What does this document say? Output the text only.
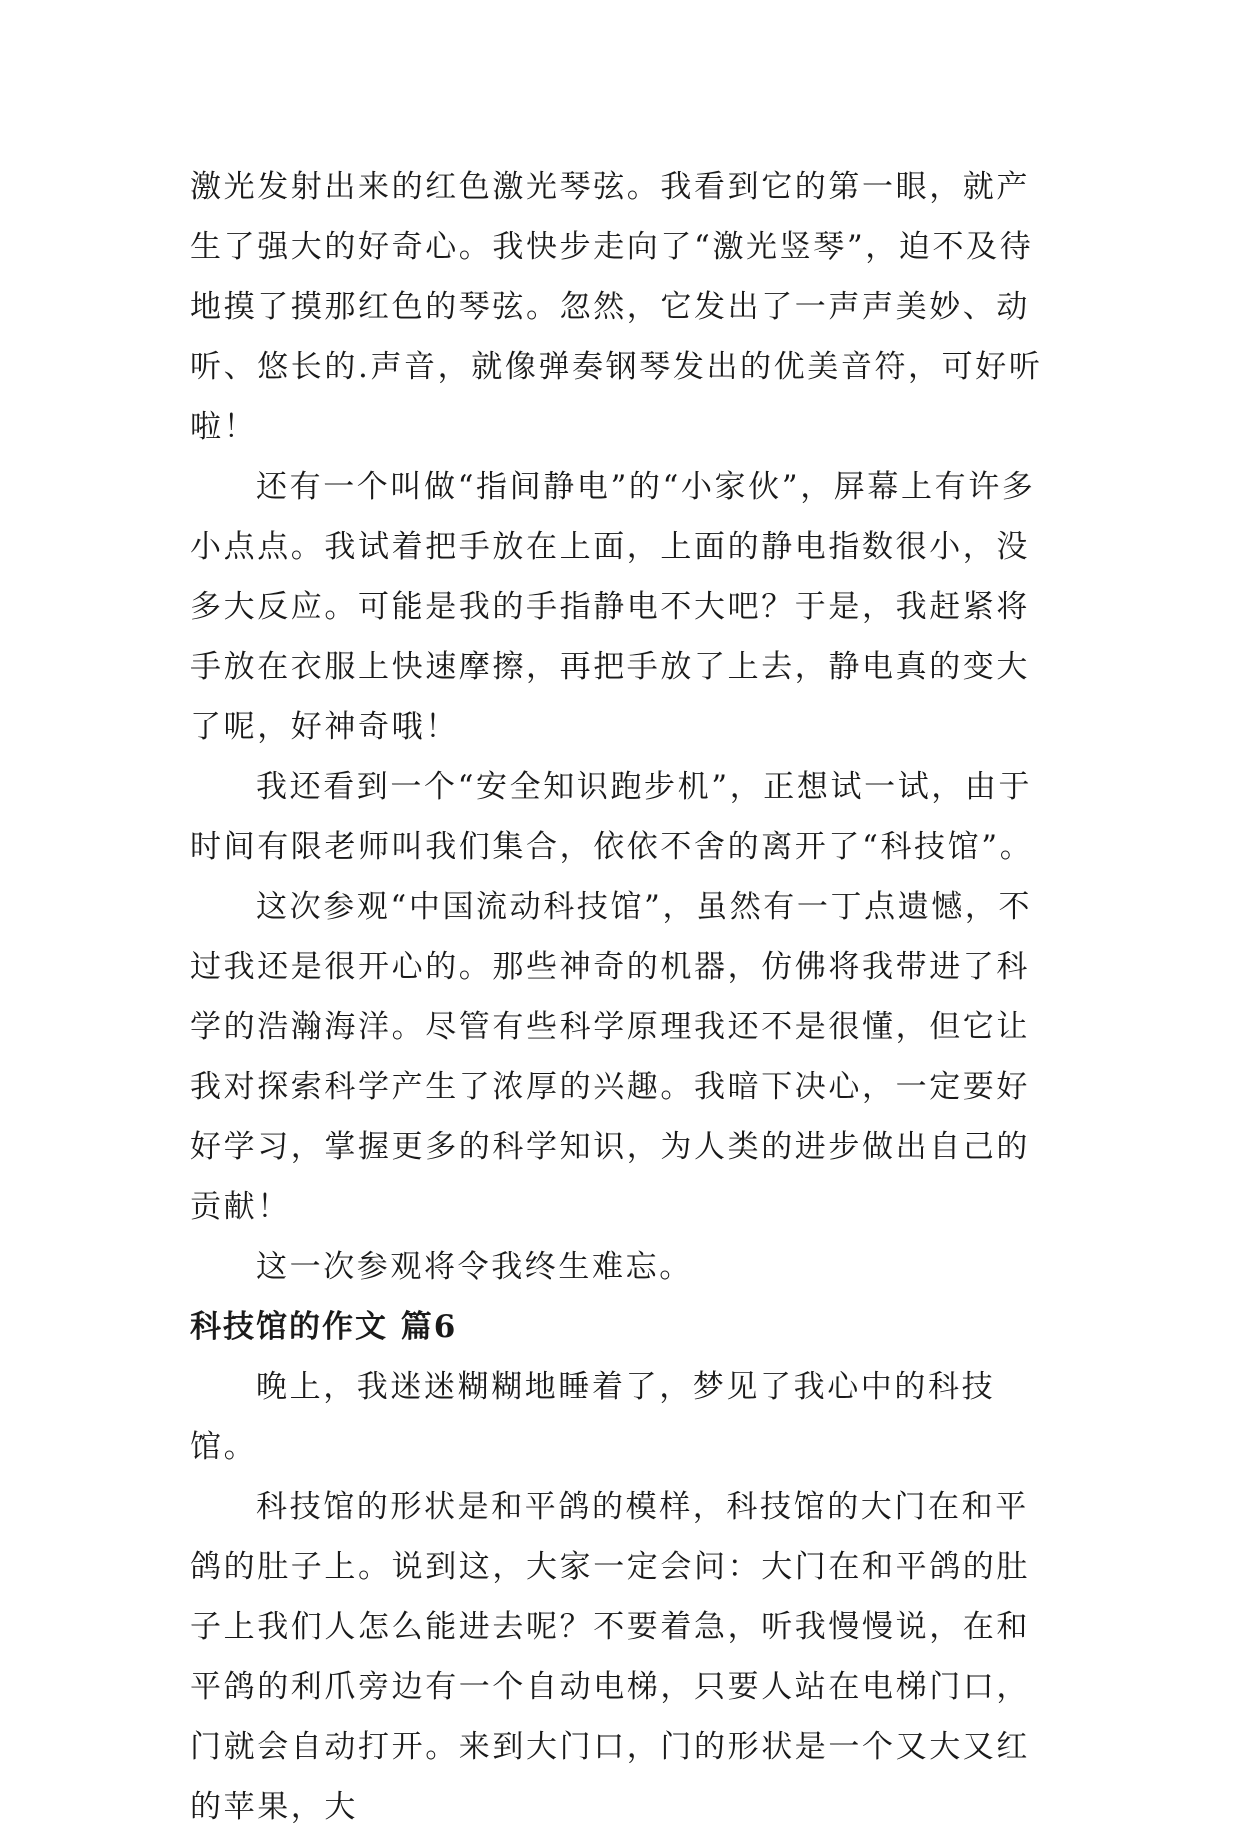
激光发射出来的红色激光琴弦。我看到它的第一眼，就产生了强大的好奇心。我快步走向了“激光竖琴”，迫不及待地摸了摸那红色的琴弦。忽然，它发出了一声声美妙、动听、悠长的.声音，就像弹奏钢琴发出的优美音符，可好听啦！

还有一个叫做“指间静电”的“小家伙”，屏幕上有许多小点点。我试着把手放在上面，上面的静电指数很小，没多大反应。可能是我的手指静电不大吧？于是，我赶紧将手放在衣服上快速摩擦，再把手放了上去，静电真的变大了呢，好神奇哦！

我还看到一个“安全知识跑步机”，正想试一试，由于时间有限老师叫我们集合，依依不舍的离开了“科技馆”。

这次参观“中国流动科技馆”，虽然有一丁点遗憾，不过我还是很开心的。那些神奇的机器，仿佛将我带进了科学的浩瀚海洋。尽管有些科学原理我还不是很懂，但它让我对探索科学产生了浓厚的兴趣。我暗下决心，一定要好好学习，掌握更多的科学知识，为人类的进步做出自己的贡献！

这一次参观将令我终生难忘。

科技馆的作文 篇6

晚上，我迷迷糊糊地睡着了，梦见了我心中的科技馆。

科技馆的形状是和平鸽的模样，科技馆的大门在和平鸽的肚子上。说到这，大家一定会问：大门在和平鸽的肚子上我们人怎么能进去呢？不要着急，听我慢慢说，在和平鸽的利爪旁边有一个自动电梯，只要人站在电梯门口，门就会自动打开。来到大门口，门的形状是一个又大又红的苹果，大
